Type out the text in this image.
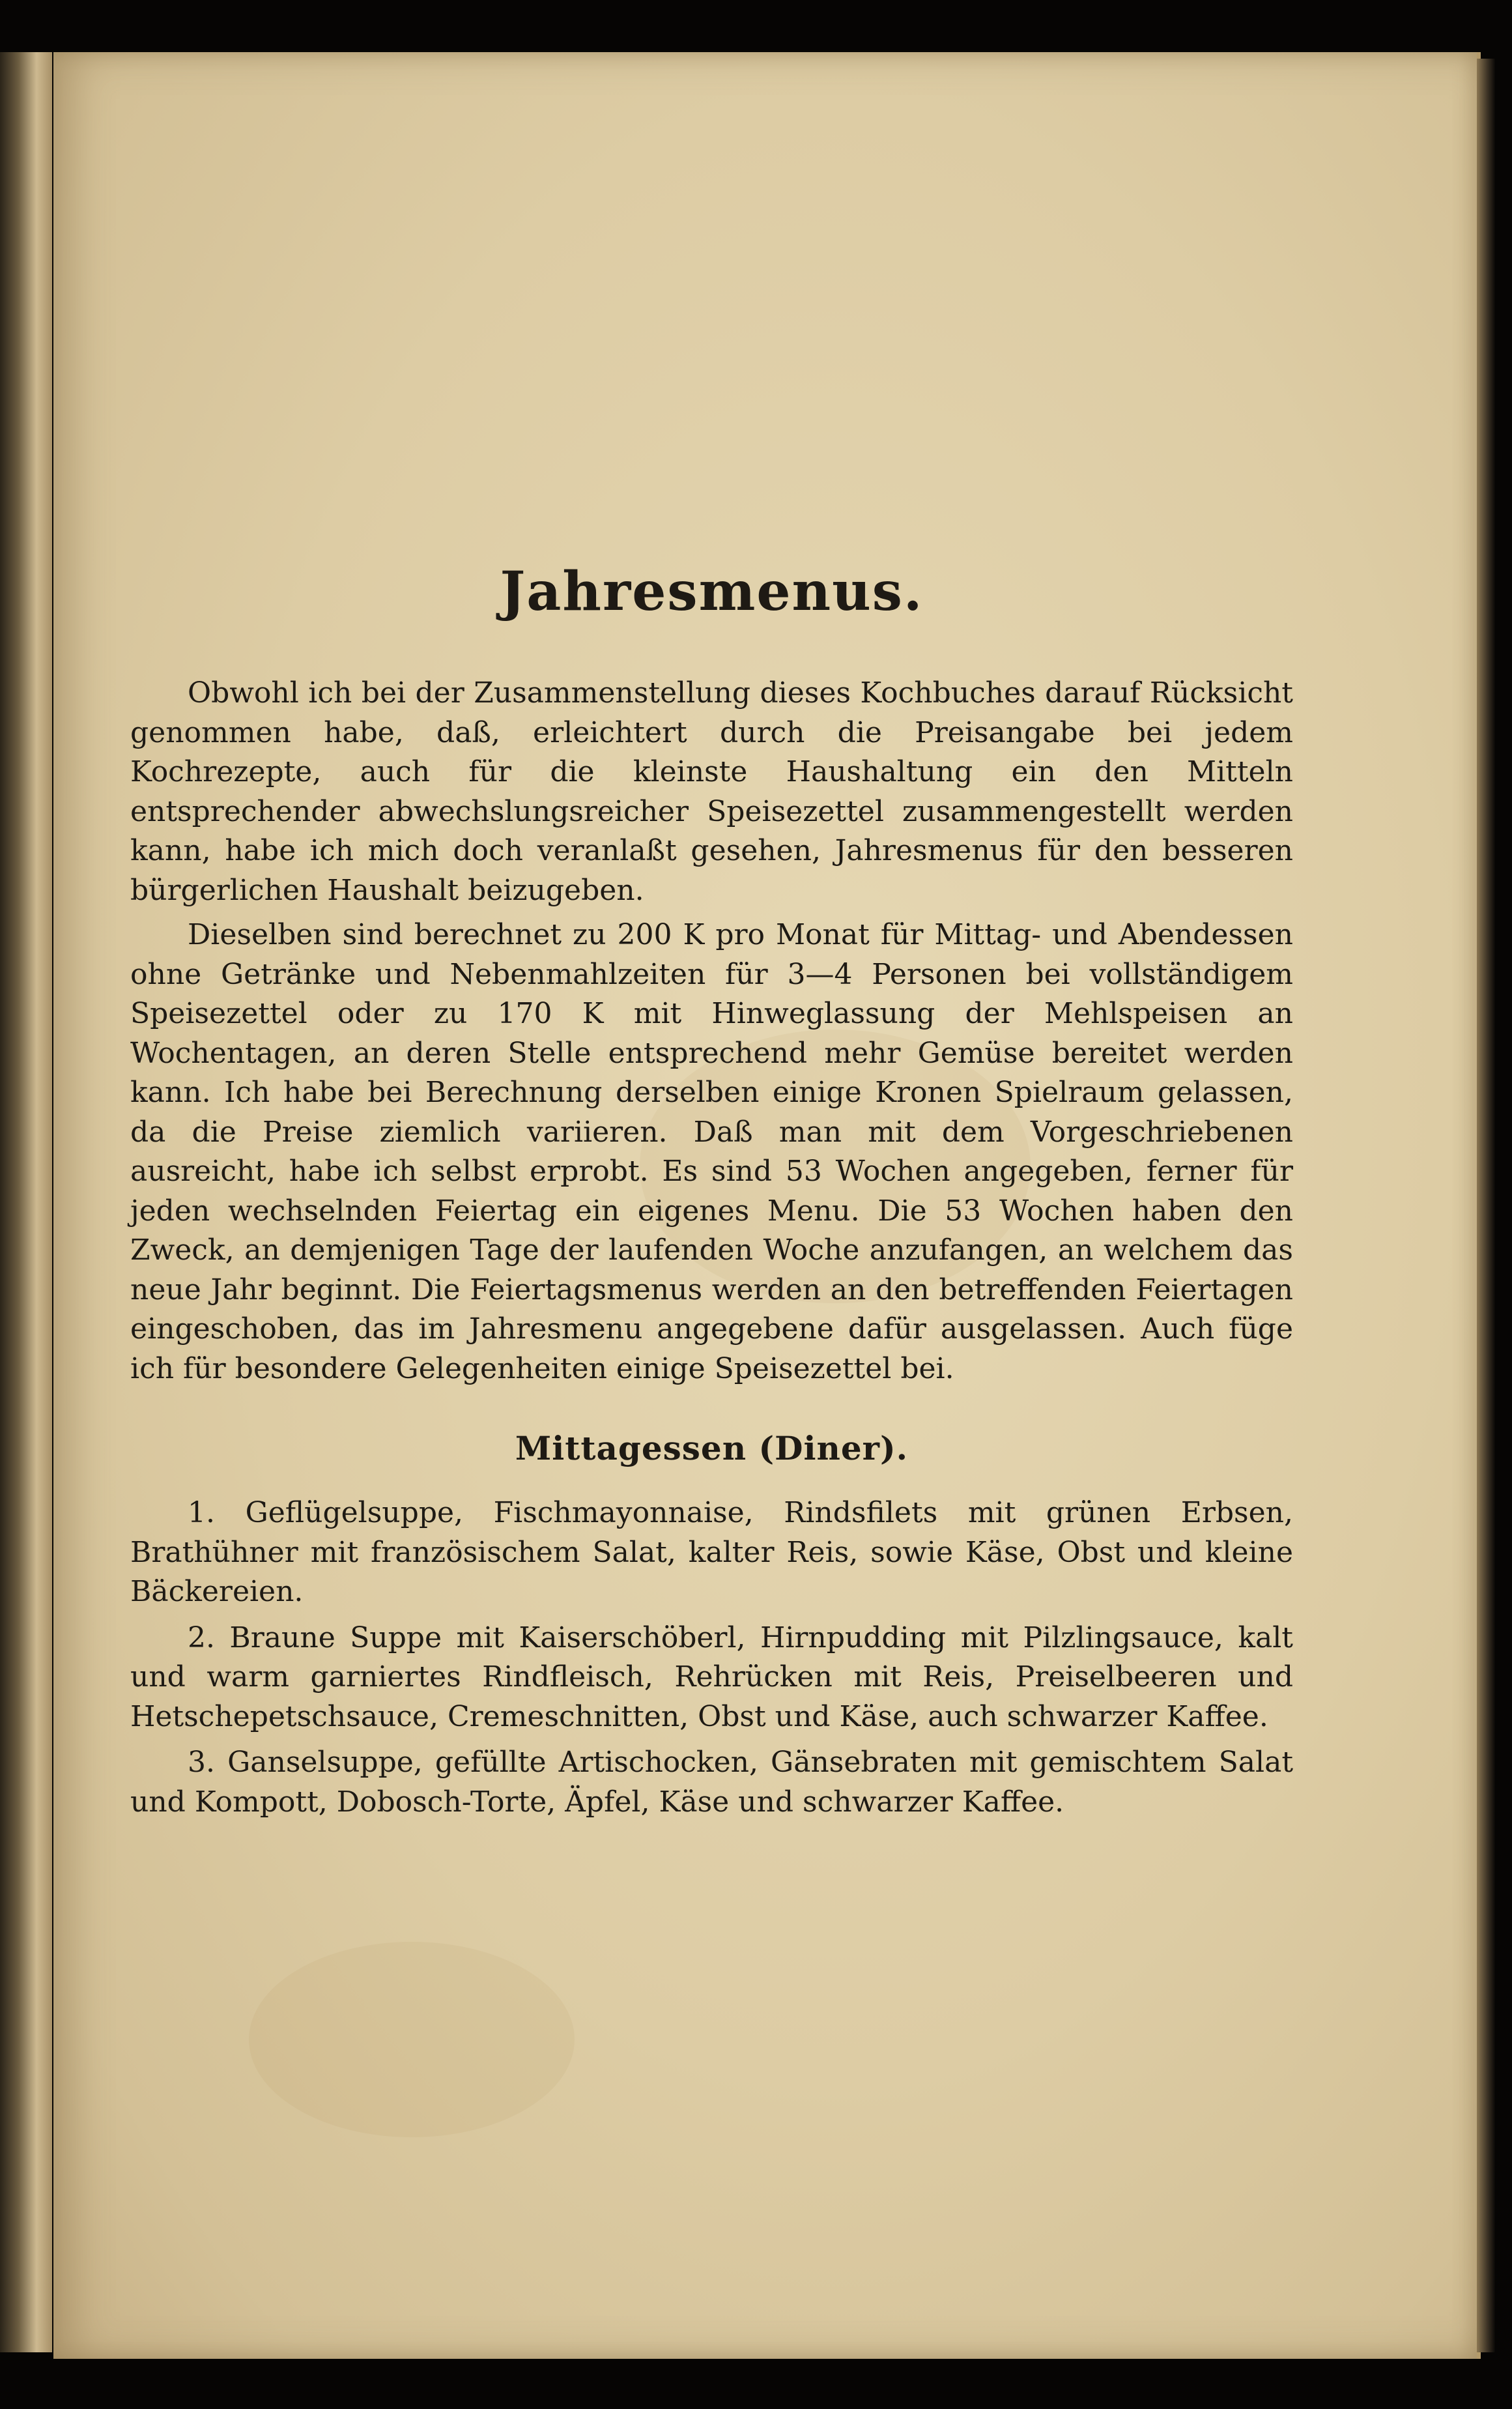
Jahresmenus.

Obwohl ich bei der Zusammenstellung dieses Kochbuches darauf Rücksicht genommen habe, daß, erleichtert durch die Preisangabe bei jedem Kochrezepte, auch für die kleinste Haushaltung ein den Mitteln entsprechender abwechslungsreicher Speisezettel zusammengestellt werden kann, habe ich mich doch veranlaßt gesehen, Jahresmenus für den besseren bürgerlichen Haushalt beizugeben.

Dieselben sind berechnet zu 200 K pro Monat für Mittag- und Abendessen ohne Getränke und Nebenmahlzeiten für 3—4 Personen bei vollständigem Speisezettel oder zu 170 K mit Hinweglassung der Mehlspeisen an Wochentagen, an deren Stelle entsprechend mehr Gemüse bereitet werden kann. Ich habe bei Berechnung derselben einige Kronen Spielraum gelassen, da die Preise ziemlich variieren. Daß man mit dem Vorgeschriebenen ausreicht, habe ich selbst erprobt. Es sind 53 Wochen angegeben, ferner für jeden wechselnden Feiertag ein eigenes Menu. Die 53 Wochen haben den Zweck, an demjenigen Tage der laufenden Woche anzufangen, an welchem das neue Jahr beginnt. Die Feiertagsmenus werden an den betreffenden Feiertagen eingeschoben, das im Jahresmenu angegebene dafür ausgelassen. Auch füge ich für besondere Gelegenheiten einige Speisezettel bei.

Mittagessen (Diner).

1. Geflügelsuppe, Fischmayonnaise, Rindsfilets mit grünen Erbsen, Brathühner mit französischem Salat, kalter Reis, sowie Käse, Obst und kleine Bäckereien.

2. Braune Suppe mit Kaiserschöberl, Hirnpudding mit Pilzlingsauce, kalt und warm garniertes Rindfleisch, Rehrücken mit Reis, Preiselbeeren und Hetschepetschsauce, Cremeschnitten, Obst und Käse, auch schwarzer Kaffee.

3. Ganselsuppe, gefüllte Artischocken, Gänsebraten mit gemischtem Salat und Kompott, Dobosch-Torte, Äpfel, Käse und schwarzer Kaffee.
